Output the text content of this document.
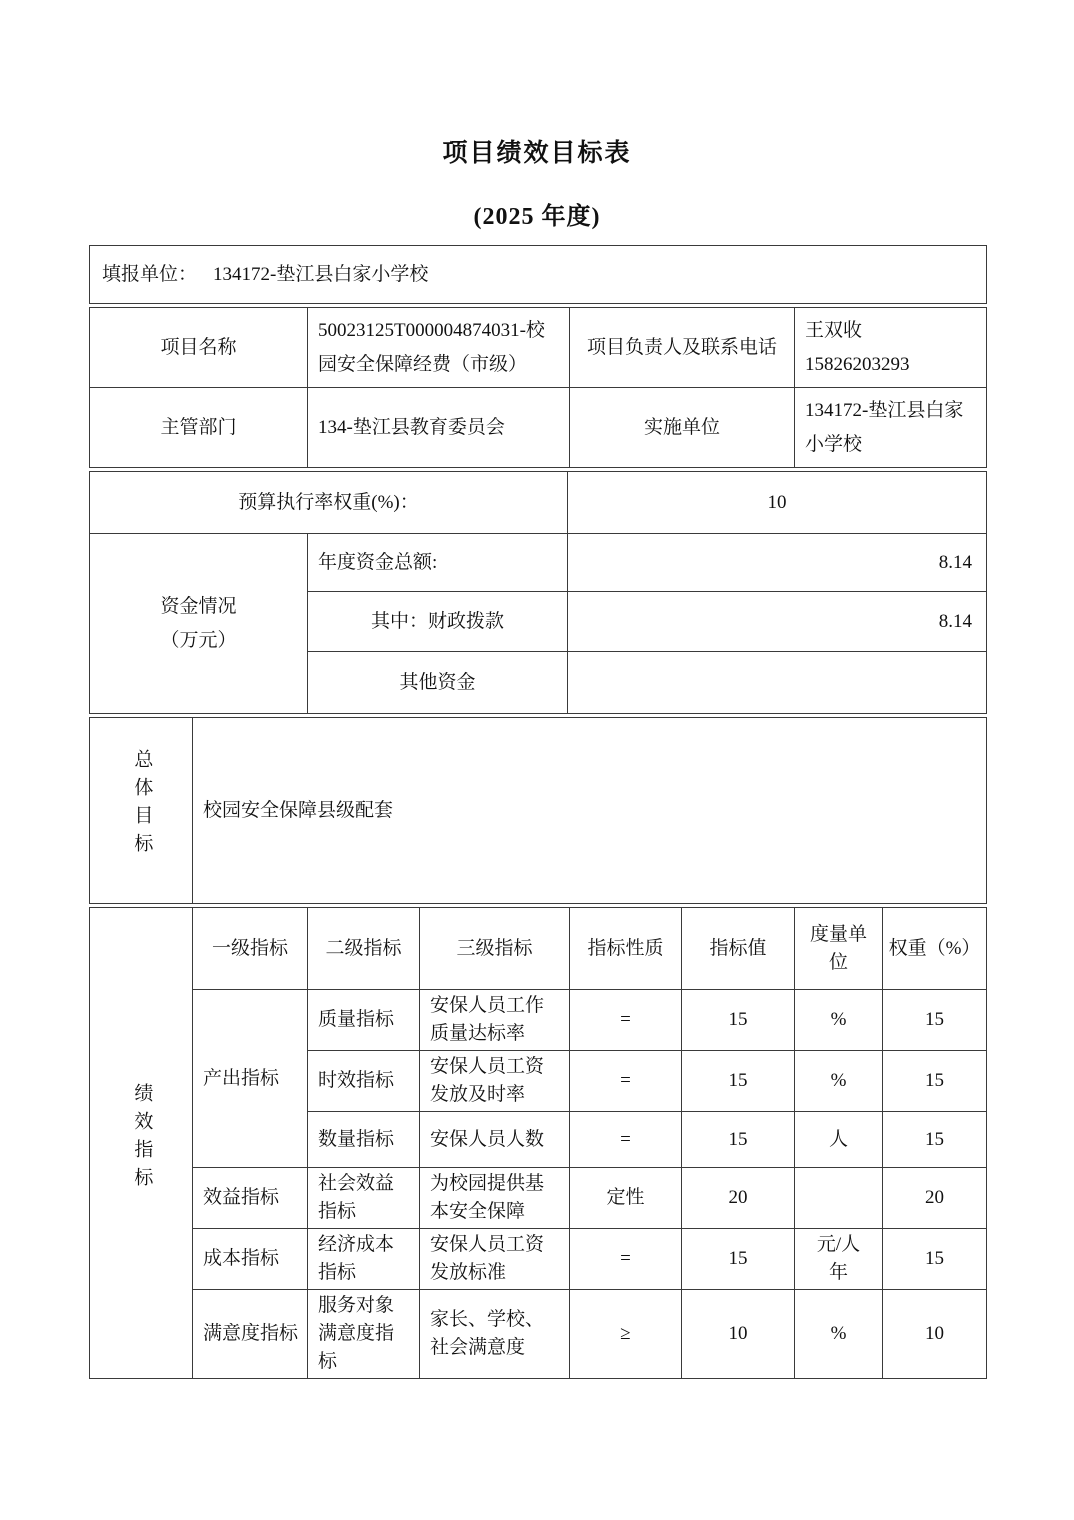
项目绩效目标表
(2025 年度)
填报单位： 134172-垫江县白家小学校
项目名称	50023125T000004874031-校园安全保障经费（市级）	项目负责人及联系电话	王双收
15826203293

主管部门	134-垫江县教育委员会	实施单位	134172-垫江县白家小学校
预算执行率权重(%)：		10

资金情况
（万元）	年度资金总额:	8.14
	其中：财政拨款	8.14
	其他资金	
总体目标	校园安全保障县级配套
绩效指标	一级指标	二级指标	三级指标	指标性质	指标值	度量单位	权重（%）
	产出指标	质量指标	安保人员工作质量达标率	=	15	%	15
		时效指标	安保人员工资发放及时率	=	15	%	15
		数量指标	安保人员人数	=	15	人	15
	效益指标	社会效益指标	为校园提供基本安全保障	定性	20		20
	成本指标	经济成本指标	安保人员工资发放标准	=	15	元/人年	15
	满意度指标	服务对象满意度指标	家长、学校、社会满意度	≥	10	%	10
